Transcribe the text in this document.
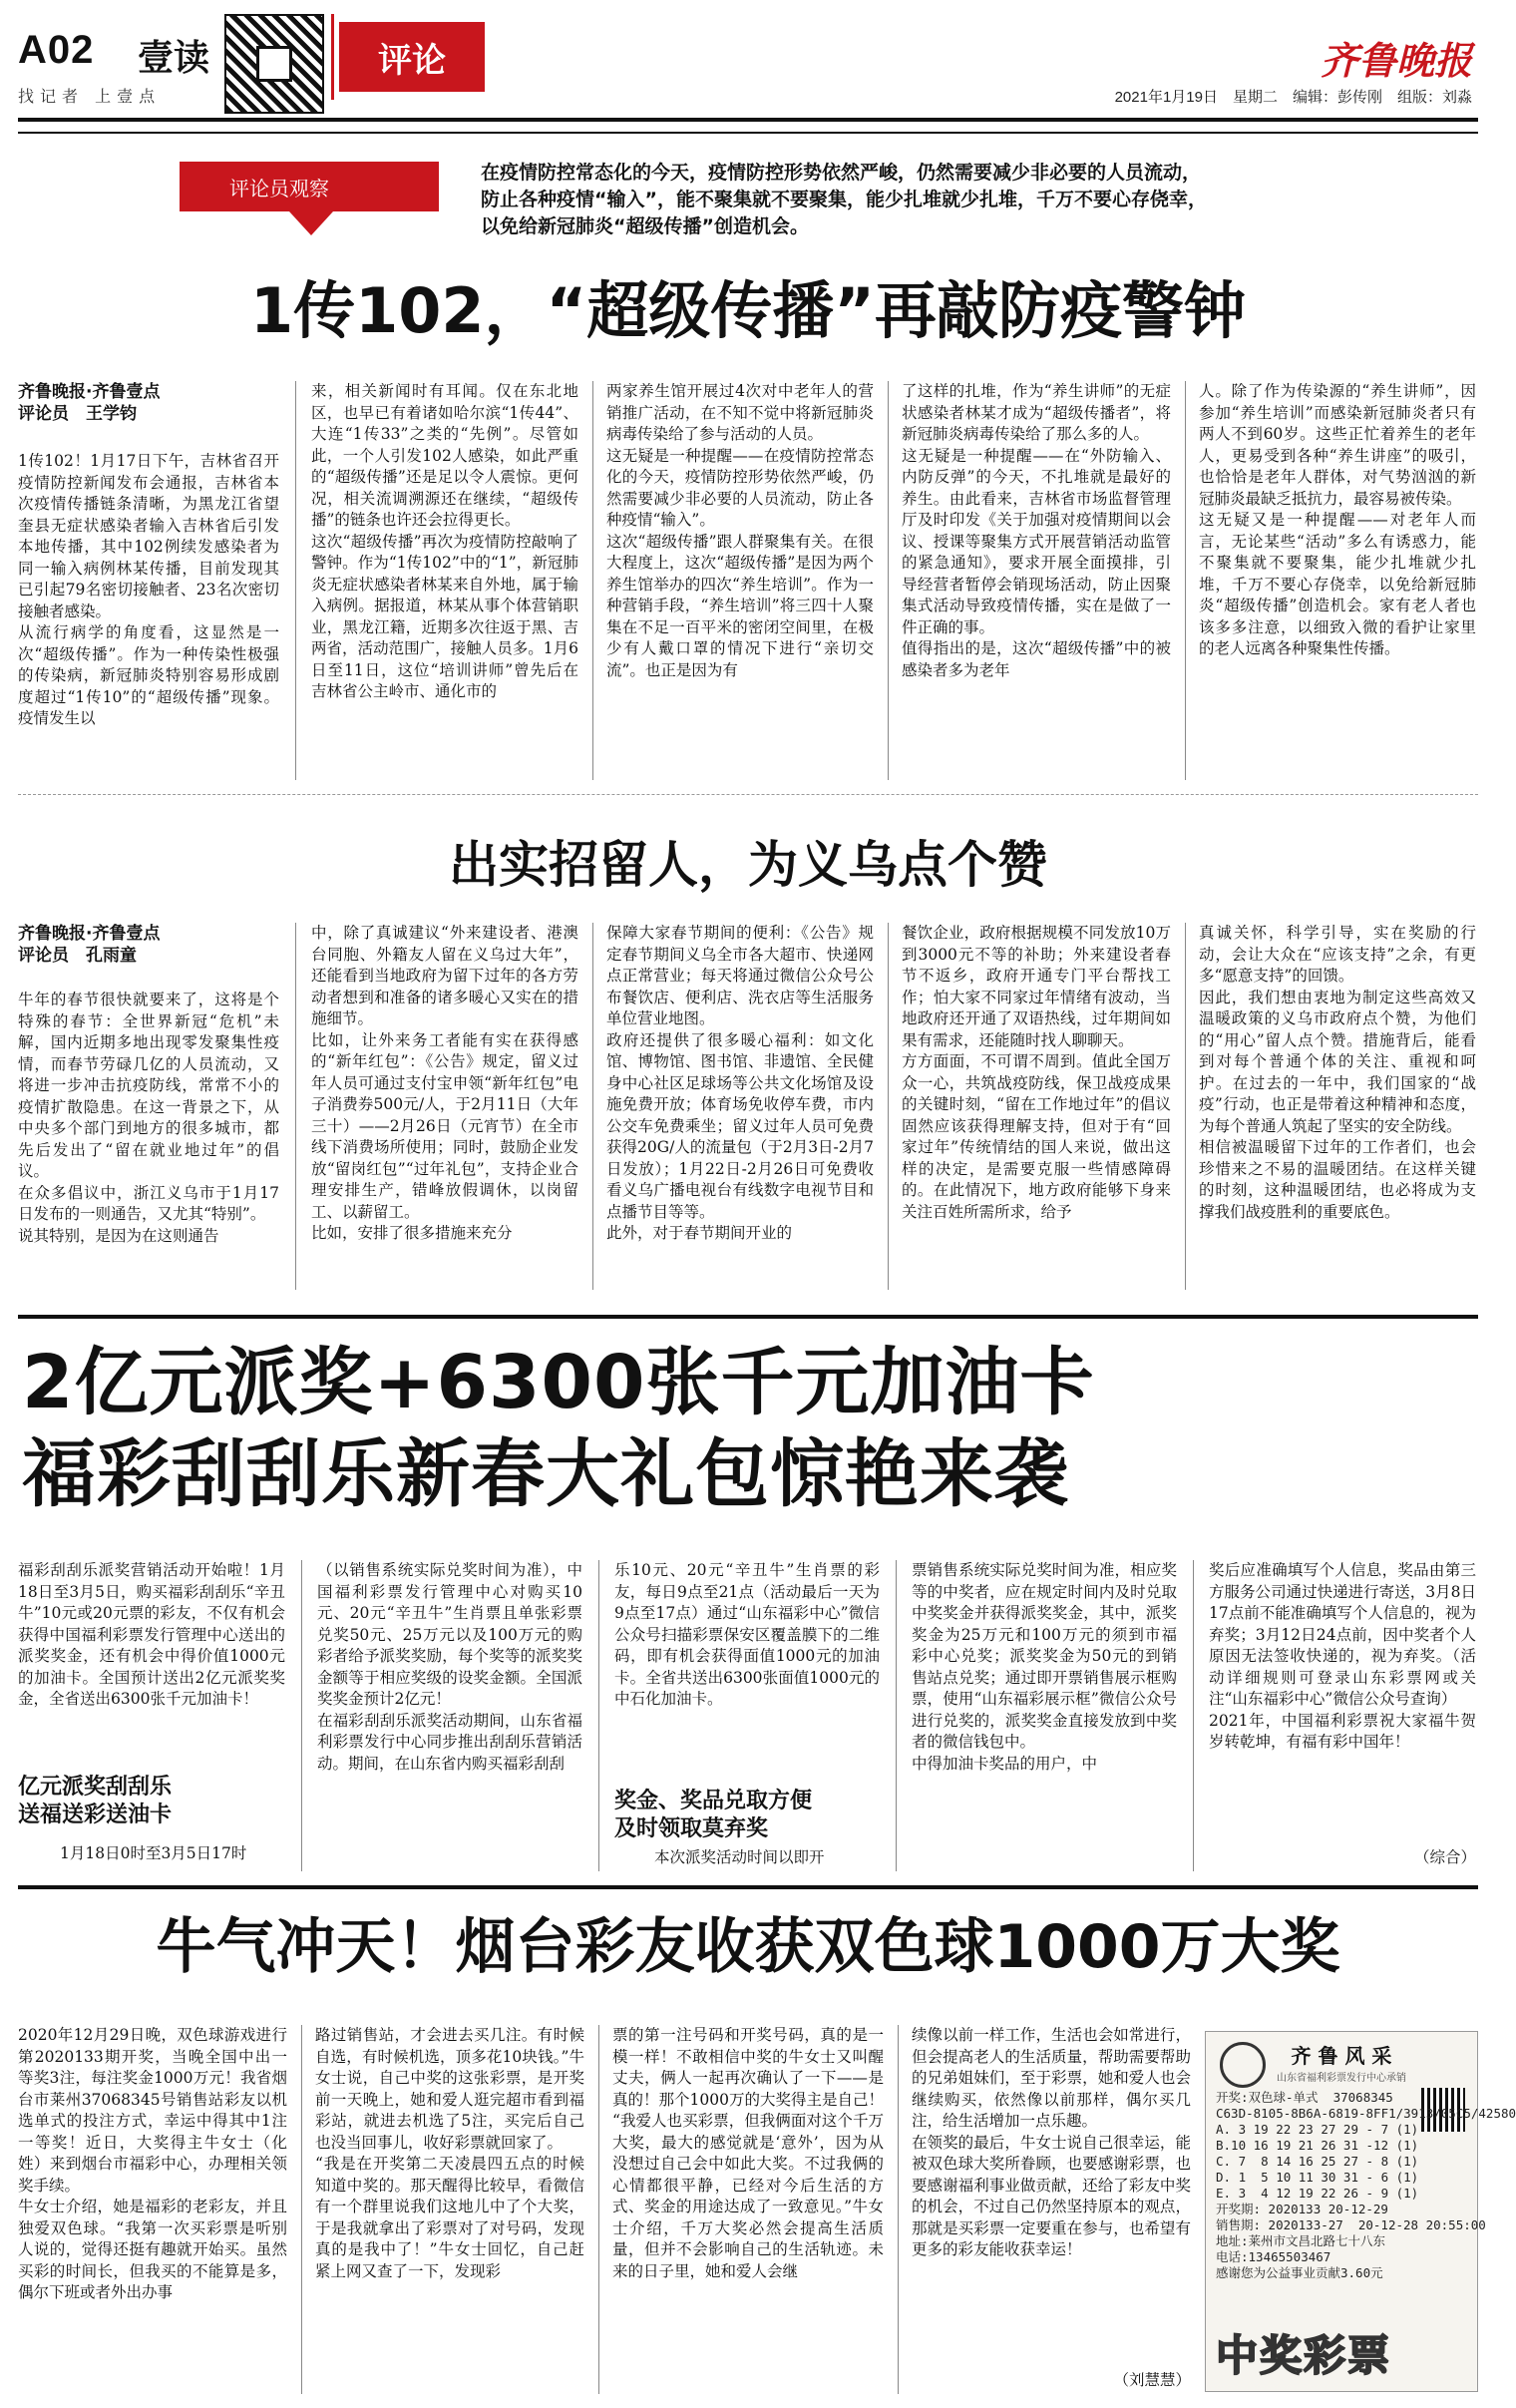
A02 壹读
找记者 上壹点
评论	齐鲁晚报
2021年1月19日　星期二　编辑：彭传刚　组版：刘淼
评论员观察
在疫情防控常态化的今天，疫情防控形势依然严峻，仍然需要减少非必要的人员流动，防止各种疫情“输入”，能不聚集就不要聚集，能少扎堆就少扎堆，千万不要心存侥幸，以免给新冠肺炎“超级传播”创造机会。
1传102，“超级传播”再敲防疫警钟
齐鲁晚报·齐鲁壹点
评论员　王学钧
1传102！1月17日下午，吉林省召开疫情防控新闻发布会通报，吉林省本次疫情传播链条清晰，为黑龙江省望奎县无症状感染者输入吉林省后引发本地传播，其中102例续发感染者为同一输入病例林某传播，目前发现其已引起79名密切接触者、23名次密切接触者感染。
从流行病学的角度看，这显然是一次“超级传播”。作为一种传染性极强的传染病，新冠肺炎特别容易形成剧度超过“1传10”的“超级传播”现象。疫情发生以
来，相关新闻时有耳闻。仅在东北地区，也早已有着诸如哈尔滨“1传44”、大连“1传33”之类的“先例”。尽管如此，一个人引发102人感染，如此严重的“超级传播”还是足以令人震惊。更何况，相关流调溯源还在继续，“超级传播”的链条也许还会拉得更长。
这次“超级传播”再次为疫情防控敲响了警钟。作为“1传102”中的“1”，新冠肺炎无症状感染者林某来自外地，属于输入病例。据报道，林某从事个体营销职业，黑龙江籍，近期多次往返于黑、吉两省，活动范围广，接触人员多。1月6日至11日，这位“培训讲师”曾先后在吉林省公主岭市、通化市的
两家养生馆开展过4次对中老年人的营销推广活动，在不知不觉中将新冠肺炎病毒传染给了参与活动的人员。
这无疑是一种提醒——在疫情防控常态化的今天，疫情防控形势依然严峻，仍然需要减少非必要的人员流动，防止各种疫情“输入”。
这次“超级传播”跟人群聚集有关。在很大程度上，这次“超级传播”是因为两个养生馆举办的四次“养生培训”。作为一种营销手段，“养生培训”将三四十人聚集在不足一百平米的密闭空间里，在极少有人戴口罩的情况下进行“亲切交流”。也正是因为有
了这样的扎堆，作为“养生讲师”的无症状感染者林某才成为“超级传播者”，将新冠肺炎病毒传染给了那么多的人。
这无疑是一种提醒——在“外防输入、内防反弹”的今天，不扎堆就是最好的养生。由此看来，吉林省市场监督管理厅及时印发《关于加强对疫情期间以会议、授课等聚集方式开展营销活动监管的紧急通知》，要求开展全面摸排，引导经营者暂停会销现场活动，防止因聚集式活动导致疫情传播，实在是做了一件正确的事。
值得指出的是，这次“超级传播”中的被感染者多为老年
人。除了作为传染源的“养生讲师”，因参加“养生培训”而感染新冠肺炎者只有两人不到60岁。这些正忙着养生的老年人，更易受到各种“养生讲座”的吸引，也恰恰是老年人群体，对气势汹汹的新冠肺炎最缺乏抵抗力，最容易被传染。
这无疑又是一种提醒——对老年人而言，无论某些“活动”多么有诱惑力，能不聚集就不要聚集，能少扎堆就少扎堆，千万不要心存侥幸，以免给新冠肺炎“超级传播”创造机会。家有老人者也该多多注意，以细致入微的看护让家里的老人远离各种聚集性传播。
出实招留人，为义乌点个赞
齐鲁晚报·齐鲁壹点
评论员　孔雨童
牛年的春节很快就要来了，这将是个特殊的春节：全世界新冠“危机”未解，国内近期多地出现零发聚集性疫情，而春节劳碌几亿的人员流动，又将进一步冲击抗疫防线，常常不小的疫情扩散隐患。在这一背景之下，从中央多个部门到地方的很多城市，都先后发出了“留在就业地过年”的倡议。
在众多倡议中，浙江义乌市于1月17日发布的一则通告，又尤其“特别”。
说其特别，是因为在这则通告
中，除了真诚建议“外来建设者、港澳台同胞、外籍友人留在义乌过大年”，还能看到当地政府为留下过年的各方劳动者想到和准备的诸多暖心又实在的措施细节。
比如，让外来务工者能有实在获得感的“新年红包”：《公告》规定，留义过年人员可通过支付宝申领“新年红包”电子消费券500元/人，于2月11日（大年三十）——2月26日（元宵节）在全市线下消费场所使用；同时，鼓励企业发放“留岗红包”“过年礼包”，支持企业合理安排生产，错峰放假调休，以岗留工、以薪留工。
比如，安排了很多措施来充分
保障大家春节期间的便利：《公告》规定春节期间义乌全市各大超市、快递网点正常营业；每天将通过微信公众号公布餐饮店、便利店、洗衣店等生活服务单位营业地图。
政府还提供了很多暖心福利：如文化馆、博物馆、图书馆、非遗馆、全民健身中心社区足球场等公共文化场馆及设施免费开放；体育场免收停车费，市内公交车免费乘坐；留义过年人员可免费获得20G/人的流量包（于2月3日-2月7日发放）；1月22日-2月26日可免费收看义乌广播电视台有线数字电视节目和点播节目等等。
此外，对于春节期间开业的
餐饮企业，政府根据规模不同发放10万到3000元不等的补助；外来建设者春节不返乡，政府开通专门平台帮找工作；怕大家不同家过年情绪有波动，当地政府还开通了双语热线，过年期间如果有需求，还能随时找人聊聊天。
方方面面，不可谓不周到。值此全国万众一心，共筑战疫防线，保卫战疫成果的关键时刻，“留在工作地过年”的倡议固然应该获得理解支持，但对于有“回家过年”传统情结的国人来说，做出这样的决定，是需要克服一些情感障碍的。在此情况下，地方政府能够下身来关注百姓所需所求，给予
真诚关怀，科学引导，实在奖励的行动，会让大众在“应该支持”之余，有更多“愿意支持”的回馈。
因此，我们想由衷地为制定这些高效又温暖政策的义乌市政府点个赞，为他们的“用心”留人点个赞。措施背后，能看到对每个普通个体的关注、重视和呵护。在过去的一年中，我们国家的“战疫”行动，也正是带着这种精神和态度，为每个普通人筑起了坚实的安全防线。
相信被温暖留下过年的工作者们，也会珍惜来之不易的温暖团结。在这样关键的时刻，这种温暖团结，也必将成为支撑我们战疫胜利的重要底色。
2亿元派奖+6300张千元加油卡
福彩刮刮乐新春大礼包惊艳来袭
福彩刮刮乐派奖营销活动开始啦！1月18日至3月5日，购买福彩刮刮乐“辛丑牛”10元或20元票的彩友，不仅有机会获得中国福利彩票发行管理中心送出的派奖奖金，还有机会中得价值1000元的加油卡。全国预计送出2亿元派奖奖金，全省送出6300张千元加油卡！
亿元派奖刮刮乐
送福送彩送油卡
1月18日0时至3月5日17时
（以销售系统实际兑奖时间为准），中国福利彩票发行管理中心对购买10元、20元“辛丑牛”生肖票且单张彩票兑奖50元、25万元以及100万元的购彩者给予派奖奖励，每个奖等的派奖奖金额等于相应奖级的设奖金额。全国派奖奖金预计2亿元！
在福彩刮刮乐派奖活动期间，山东省福利彩票发行中心同步推出刮刮乐营销活动。期间，在山东省内购买福彩刮刮
乐10元、20元“辛丑牛”生肖票的彩友，每日9点至21点（活动最后一天为9点至17点）通过“山东福彩中心”微信公众号扫描彩票保安区覆盖膜下的二维码，即有机会获得面值1000元的加油卡。全省共送出6300张面值1000元的中石化加油卡。
奖金、奖品兑取方便
及时领取莫弃奖
本次派奖活动时间以即开
票销售系统实际兑奖时间为准，相应奖等的中奖者，应在规定时间内及时兑取中奖奖金并获得派奖奖金，其中，派奖奖金为25万元和100万元的须到市福彩中心兑奖；派奖奖金为50元的到销售站点兑奖；通过即开票销售展示框购票，使用“山东福彩展示框”微信公众号进行兑奖的，派奖奖金直接发放到中奖者的微信钱包中。
中得加油卡奖品的用户，中
奖后应准确填写个人信息，奖品由第三方服务公司通过快递进行寄送，3月8日17点前不能准确填写个人信息的，视为弃奖；3月12日24点前，因中奖者个人原因无法签收快递的，视为弃奖。（活动详细规则可登录山东彩票网或关注“山东福彩中心”微信公众号查询）
2021年，中国福利彩票祝大家福牛贺岁转乾坤，有福有彩中国年！
（综合）
牛气冲天！烟台彩友收获双色球1000万大奖
2020年12月29日晚，双色球游戏进行第2020133期开奖，当晚全国中出一等奖3注，每注奖金1000万元！我省烟台市莱州37068345号销售站彩友以机选单式的投注方式，幸运中得其中1注一等奖！近日，大奖得主牛女士（化姓）来到烟台市福彩中心，办理相关领奖手续。
牛女士介绍，她是福彩的老彩友，并且独爱双色球。“我第一次买彩票是听别人说的，觉得还挺有趣就开始买。虽然买彩的时间长，但我买的不能算是多，偶尔下班或者外出办事
路过销售站，才会进去买几注。有时候自选，有时候机选，顶多花10块钱。”牛女士说，自己中奖的这张彩票，是开奖前一天晚上，她和爱人逛完超市看到福彩站，就进去机选了5注，买完后自己也没当回事儿，收好彩票就回家了。
“我是在开奖第二天凌晨四五点的时候知道中奖的。那天醒得比较早，看微信有一个群里说我们这地儿中了个大奖，于是我就拿出了彩票对了对号码，发现真的是我中了！”牛女士回忆，自己赶紧上网又查了一下，发现彩
票的第一注号码和开奖号码，真的是一模一样！不敢相信中奖的牛女士又叫醒丈夫，俩人一起再次确认了一下——是真的！那个1000万的大奖得主是自己！
“我爱人也买彩票，但我俩面对这个千万大奖，最大的感觉就是‘意外’，因为从没想过自己会中如此大奖。不过我俩的心情都很平静，已经对今后生活的方式、奖金的用途达成了一致意见。”牛女士介绍，千万大奖必然会提高生活质量，但并不会影响自己的生活轨迹。未来的日子里，她和爱人会继
续像以前一样工作，生活也会如常进行，但会提高老人的生活质量，帮助需要帮助的兄弟姐妹们，至于彩票，她和爱人也会继续购买，依然像以前那样，偶尔买几注，给生活增加一点乐趣。
在领奖的最后，牛女士说自己很幸运，能被双色球大奖所眷顾，也要感谢彩票，也要感谢福利事业做贡献，还给了彩友中奖的机会，不过自己仍然坚持原本的观点，那就是买彩票一定要重在参与，也希望有更多的彩友能收获幸运！
（刘慧慧）
齐 鲁 风 采
山东省福利彩票发行中心承销
开奖:双色球-单式  37068345
C63D-8105-8B6A-6819-8FF1/3913/05C5/42580
A. 3 19 22 23 27 29 - 7 (1)
B.10 16 19 21 26 31 -12 (1)
C. 7  8 14 16 25 27 - 8 (1)
D. 1  5 10 11 30 31 - 6 (1)
E. 3  4 12 19 22 26 - 9 (1)
开奖期: 2020133 20-12-29
销售期: 2020133-27  20-12-28 20:55:00
地址:莱州市文昌北路七十八东
电话:13465503467
感谢您为公益事业贡献3.60元
中奖彩票
